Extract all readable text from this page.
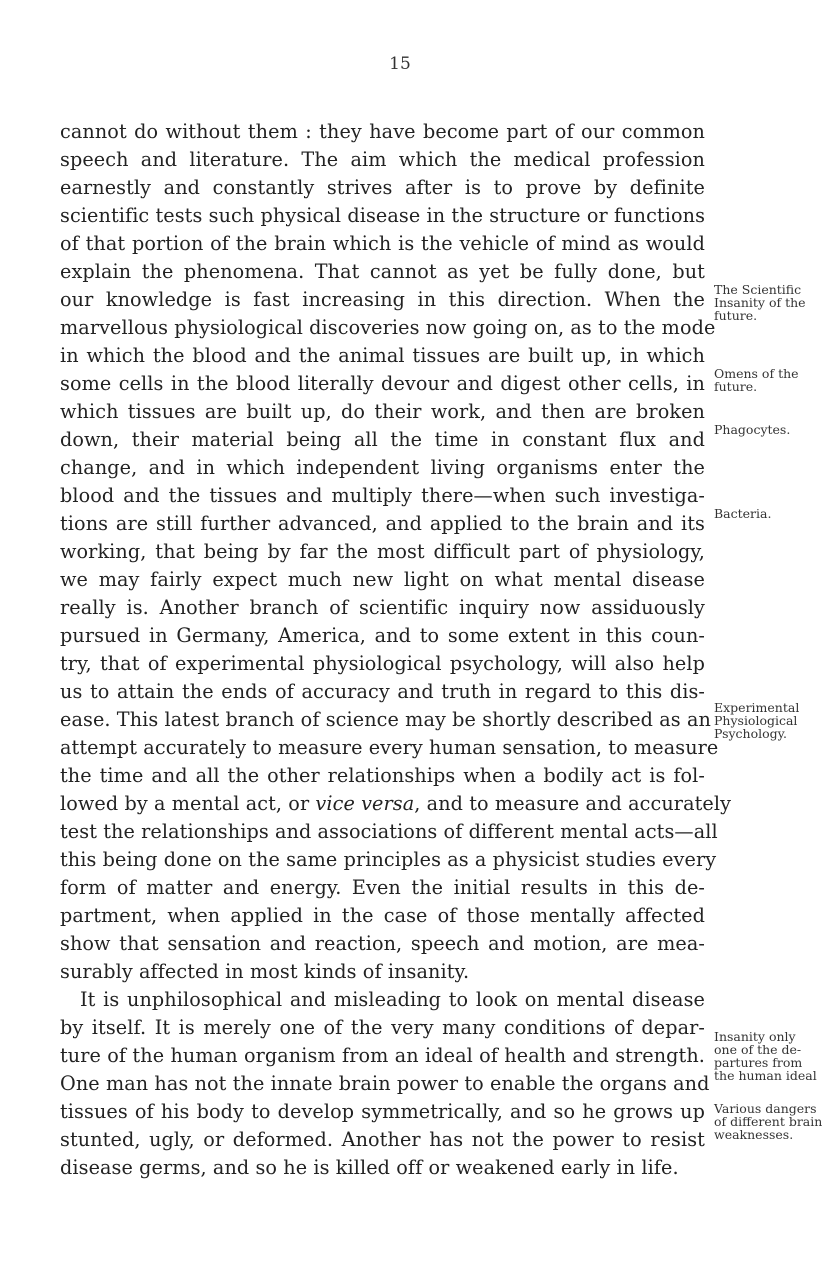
15
cannot do without them : they have become part of our common
speech and literature. The aim which the medical profession
earnestly and constantly strives after is to prove by definite
scientific tests such physical disease in the structure or functions
of that portion of the brain which is the vehicle of mind as would
explain the phenomena. That cannot as yet be fully done, but
our knowledge is fast increasing in this direction. When the
marvellous physiological discoveries now going on, as to the mode
in which the blood and the animal tissues are built up, in which
some cells in the blood literally devour and digest other cells, in
which tissues are built up, do their work, and then are broken
down, their material being all the time in constant flux and
change, and in which independent living organisms enter the
blood and the tissues and multiply there—when such investiga-
tions are still further advanced, and applied to the brain and its
working, that being by far the most difficult part of physiology,
we may fairly expect much new light on what mental disease
really is. Another branch of scientific inquiry now assiduously
pursued in Germany, America, and to some extent in this coun-
try, that of experimental physiological psychology, will also help
us to attain the ends of accuracy and truth in regard to this dis-
ease. This latest branch of science may be shortly described as an
attempt accurately to measure every human sensation, to measure
the time and all the other relationships when a bodily act is fol-
lowed by a mental act, or vice versa, and to measure and accurately
test the relationships and associations of different mental acts—all
this being done on the same principles as a physicist studies every
form of matter and energy. Even the initial results in this de-
partment, when applied in the case of those mentally affected
show that sensation and reaction, speech and motion, are mea-
surably affected in most kinds of insanity.
It is unphilosophical and misleading to look on mental disease
by itself. It is merely one of the very many conditions of depar-
ture of the human organism from an ideal of health and strength.
One man has not the innate brain power to enable the organs and
tissues of his body to develop symmetrically, and so he grows up
stunted, ugly, or deformed. Another has not the power to resist
disease germs, and so he is killed off or weakened early in life.
The Scientific
Insanity of the
future.
Omens of the
future.
Phagocytes.
Bacteria.
Experimental
Physiological
Psychology.
Insanity only
one of the de-
partures from
the human ideal
Various dangers
of different brain
weaknesses.
